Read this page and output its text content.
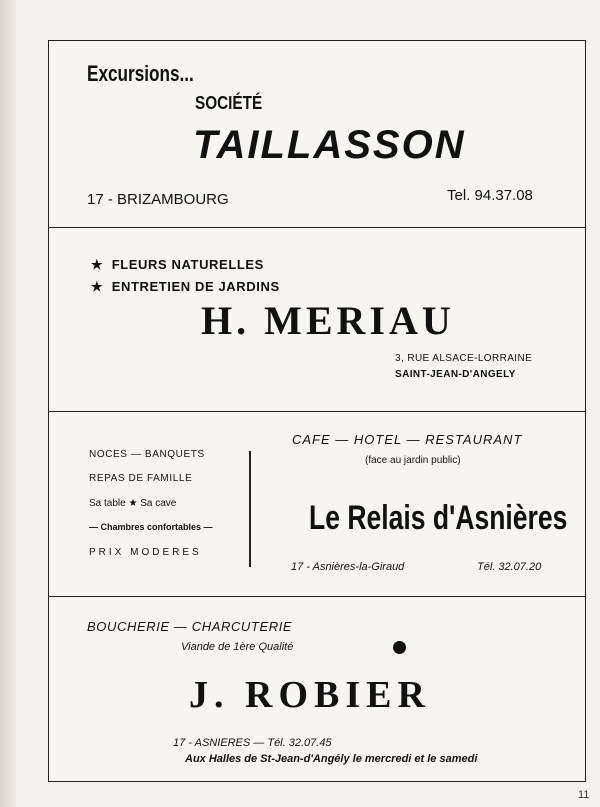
Excursions...
SOCIÉTÉ
TAILLASSON
17 - BRIZAMBOURG	Tel. 94.37.08
★ FLEURS NATURELLES
★ ENTRETIEN DE JARDINS
H. MERIAU
3, RUE ALSACE-LORRAINE
SAINT-JEAN-D'ANGELY
NOCES — BANQUETS
REPAS DE FAMILLE
Sa table ★ Sa cave
— Chambres confortables —
PRIX MODERES
CAFE — HOTEL — RESTAURANT
(face au jardin public)
Le Relais d'Asnières
17 - Asnières-la-Giraud	Tél. 32.07.20
BOUCHERIE — CHARCUTERIE
Viande de 1ère Qualité
J. ROBIER
17 - ASNIERES — Tél. 32.07.45
Aux Halles de St-Jean-d'Angély le mercredi et le samedi
11
